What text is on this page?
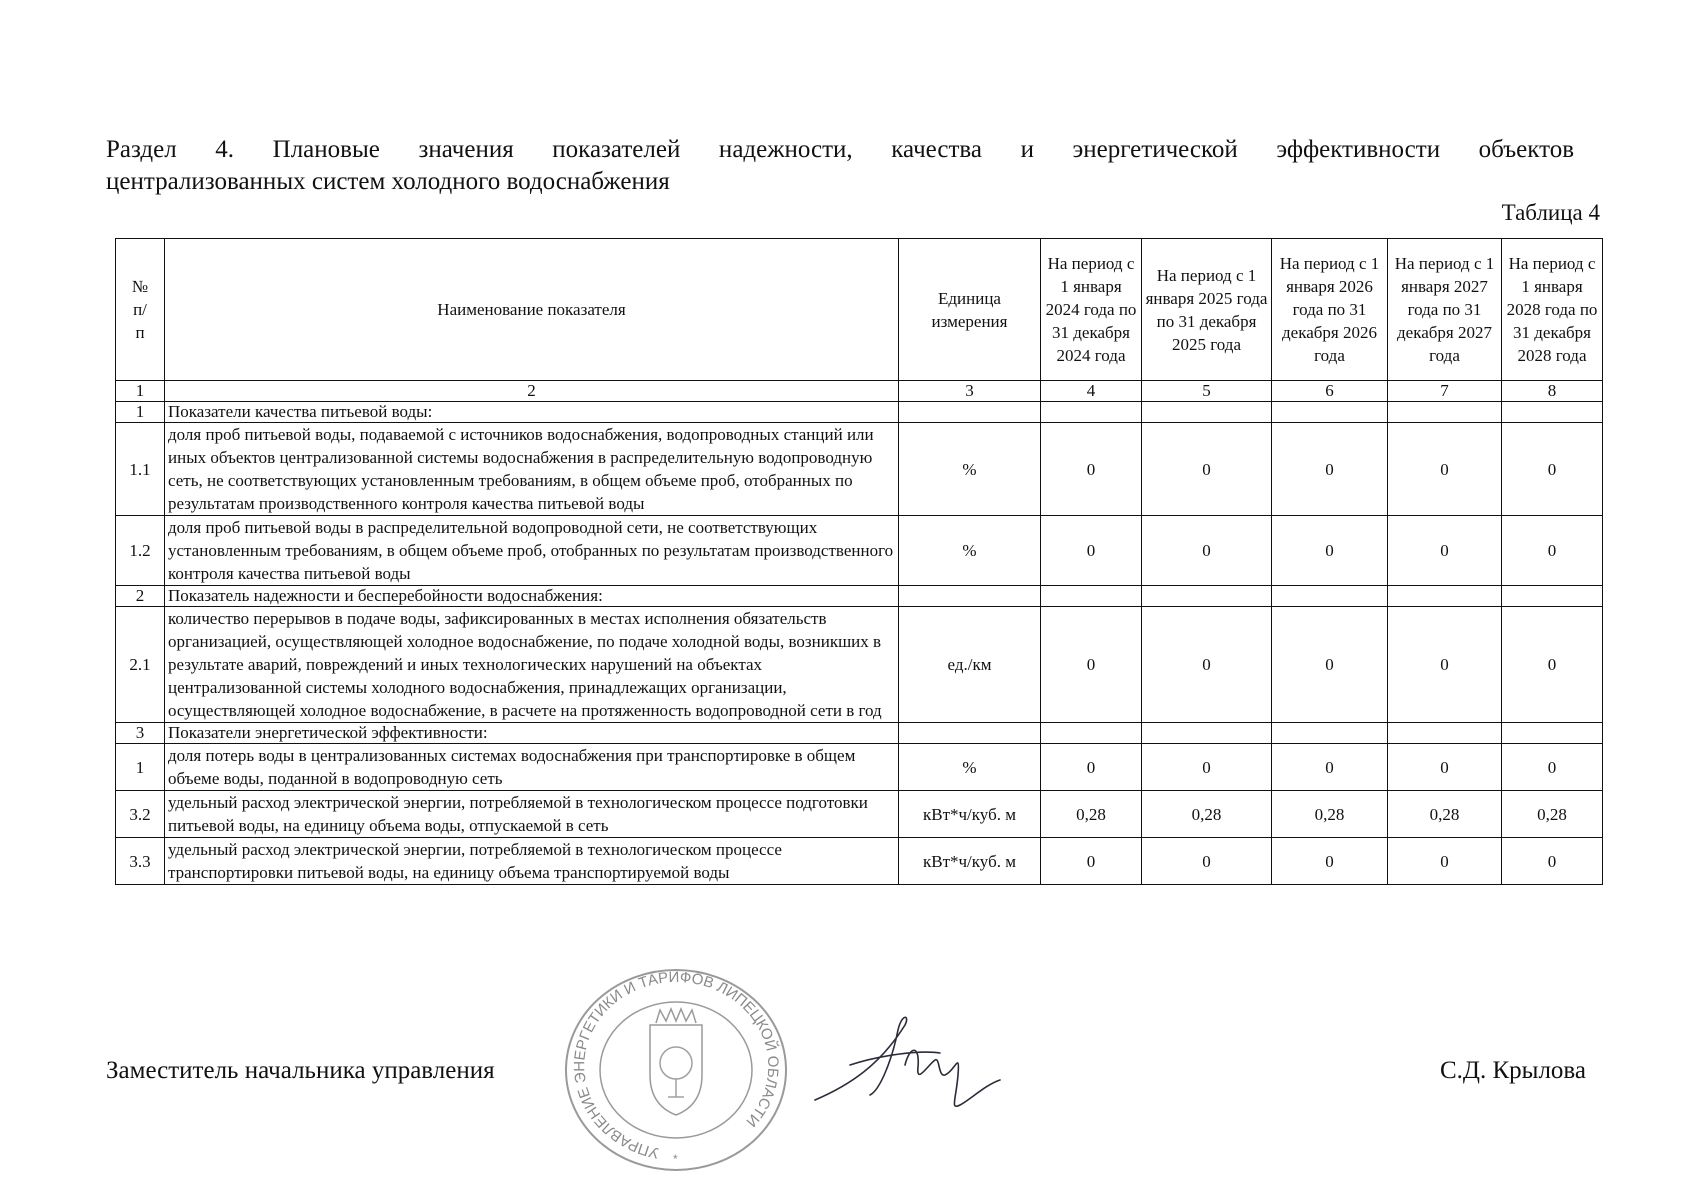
Раздел 4. Плановые значения показателей надежности, качества и энергетической эффективности объектов
централизованных систем холодного водоснабжения
Таблица 4
№ п/ п	Наименование показателя	Единица измерения	На период с 1 января 2024 года по 31 декабря 2024 года	На период с 1 января 2025 года по 31 декабря 2025 года	На период с 1 января 2026 года по 31 декабря 2026 года	На период с 1 января 2027 года по 31 декабря 2027 года	На период с 1 января 2028 года по 31 декабря 2028 года
1	2	3	4	5	6	7	8
1	Показатели качества питьевой воды:						
1.1	доля проб питьевой воды, подаваемой с источников водоснабжения, водопроводных станций или иных объектов централизованной системы водоснабжения в распределительную водопроводную сеть, не соответствующих установленным требованиям, в общем объеме проб, отобранных по результатам производственного контроля качества питьевой воды	%	0	0	0	0	0
1.2	доля проб питьевой воды в распределительной водопроводной сети, не соответствующих установленным требованиям, в общем объеме проб, отобранных по результатам производственного контроля качества питьевой воды	%	0	0	0	0	0
2	Показатель надежности и бесперебойности водоснабжения:						
2.1	количество перерывов в подаче воды, зафиксированных в местах исполнения обязательств организацией, осуществляющей холодное водоснабжение, по подаче холодной воды, возникших в результате аварий, повреждений и иных технологических нарушений на объектах централизованной системы холодного водоснабжения, принадлежащих организации, осуществляющей холодное водоснабжение, в расчете на протяженность водопроводной сети в год	ед./км	0	0	0	0	0
3	Показатели энергетической эффективности:						
1	доля потерь воды в централизованных системах водоснабжения при транспортировке в общем объеме воды, поданной в водопроводную сеть	%	0	0	0	0	0
3.2	удельный расход электрической энергии, потребляемой в технологическом процессе подготовки питьевой воды, на единицу объема воды, отпускаемой в сеть	кВт*ч/куб. м	0,28	0,28	0,28	0,28	0,28
3.3	удельный расход электрической энергии, потребляемой в технологическом процессе транспортировки питьевой воды, на единицу объема транспортируемой воды	кВт*ч/куб. м	0	0	0	0	0
Заместитель начальника управления
УПРАВЛЕНИЕ ЭНЕРГЕТИКИ И ТАРИФОВ ЛИПЕЦКОЙ ОБЛАСТИ
*
С.Д. Крылова
